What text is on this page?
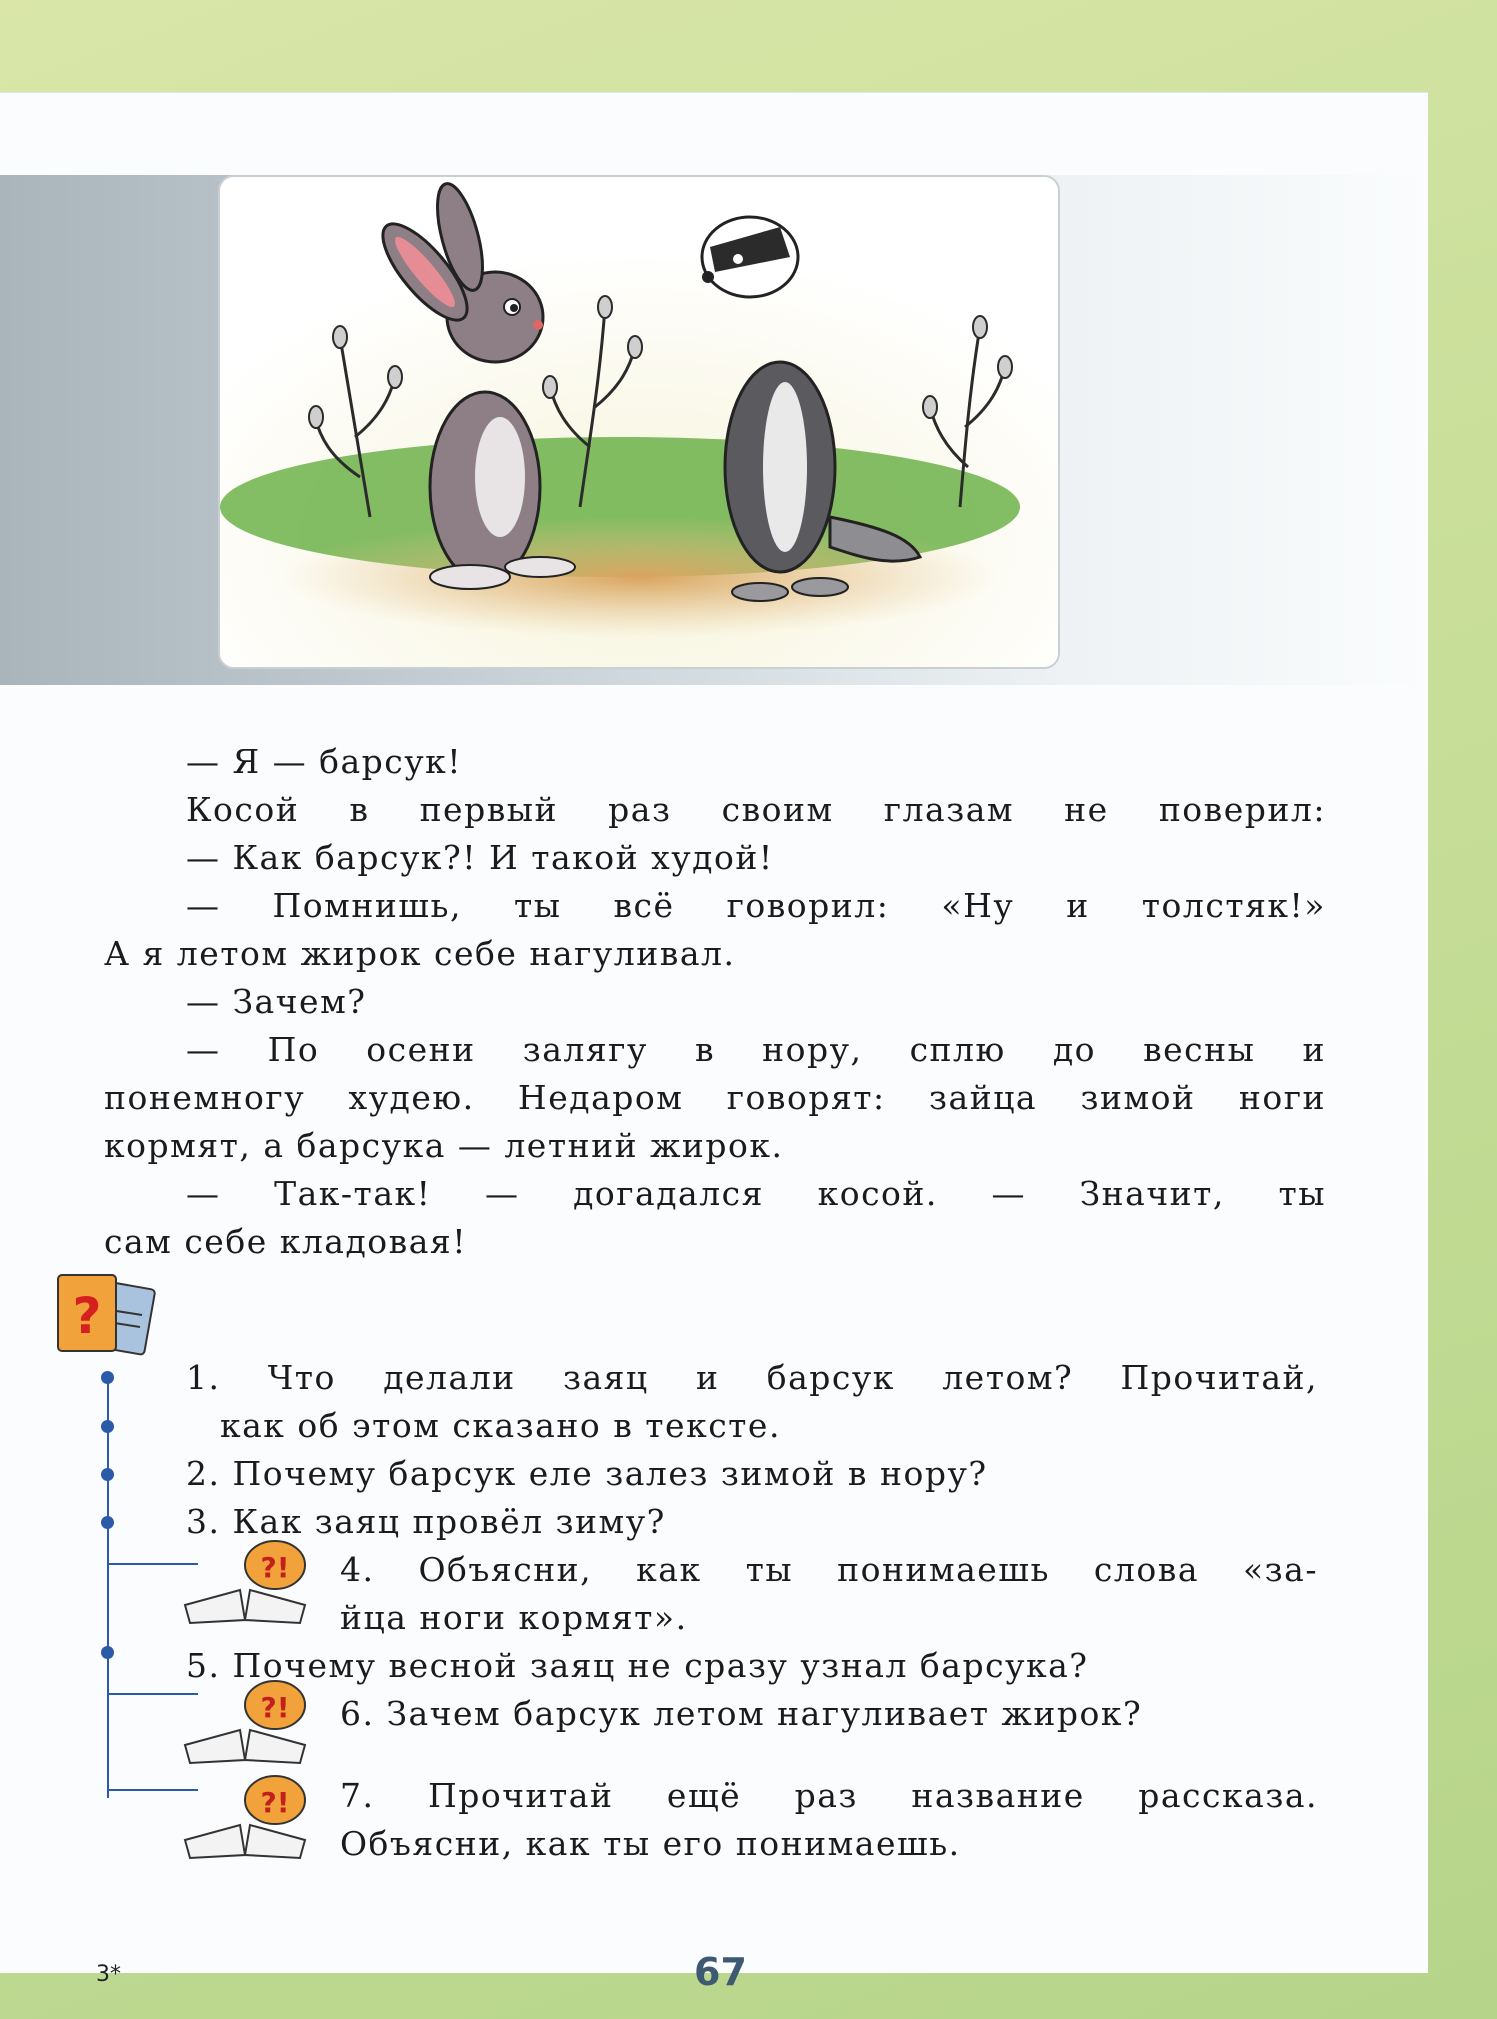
— Я — барсук!
Косой в первый раз своим глазам не поверил:
— Как барсук?! И такой худой!
— Помнишь, ты всё говорил: «Ну и толстяк!»
А я летом жирок себе нагуливал.
— Зачем?
— По осени залягу в нору, сплю до весны и
понемногу худею. Недаром говорят: зайца зимой ноги
кормят, а барсука — летний жирок.
— Так-так! — догадался косой. — Значит, ты
сам себе кладовая!
?
?!
?!
?!
1. Что делали заяц и барсук летом? Прочитай,
как об этом сказано в тексте.
2. Почему барсук еле залез зимой в нору?
3. Как заяц провёл зиму?
4. Объясни, как ты понимаешь слова «за-
йца ноги кормят».
5. Почему весной заяц не сразу узнал барсука?
6. Зачем барсук летом нагуливает жирок?
7. Прочитай ещё раз название рассказа.
Объясни, как ты его понимаешь.
3*	67
